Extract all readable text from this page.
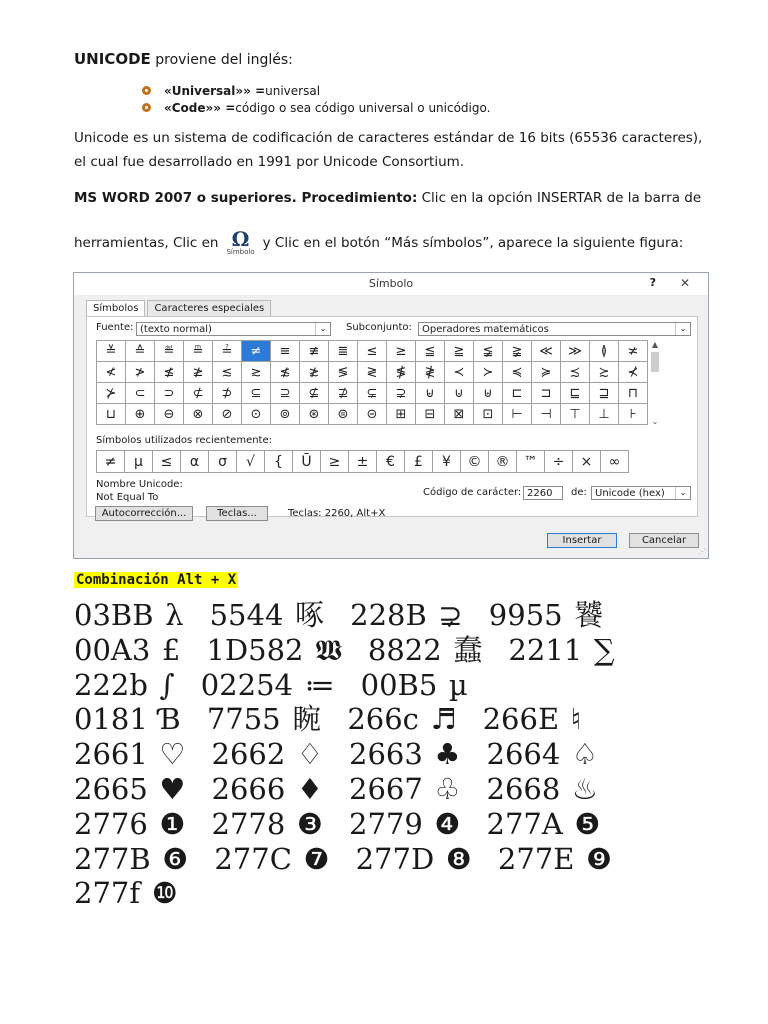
UNICODE proviene del inglés:
«Universal»» = universal
«Code»» = código o sea código universal o unicódigo.
Unicode es un sistema de codificación de caracteres estándar de 16 bits (65536 caracteres), el cual fue desarrollado en 1991 por Unicode Consortium.
MS WORD 2007 o superiores. Procedimiento: Clic en la opción INSERTAR de la barra de
herramientas, Clic en Ω
Símbolo
y Clic en el botón “Más símbolos”, aparece la siguiente figura:
Símbolo	? ✕
Símbolos	Caracteres especiales
Fuente: (texto normal)	⌄	Subconjunto:	Operadores matemáticos	⌄
≚	≙	≝	≞	≟	≠	≡	≢	≣	≤	≥	≦	≧	≨	≩	≪	≫	≬	≭
≮	≯	≰	≱	≲	≳	≴	≵	≶	≷	≸	≹	≺	≻	≼	≽	≾	≿	⊀
⊁	⊂	⊃	⊄	⊅	⊆	⊇	⊈	⊉	⊊	⊋	⊌	⊍	⊎	⊏	⊐	⊑	⊒	⊓
⊔	⊕	⊖	⊗	⊘	⊙	⊚	⊛	⊜	⊝	⊞	⊟	⊠	⊡	⊢	⊣	⊤	⊥	⊦
▲
⌄
Símbolos utilizados recientemente:
≠	µ	≤	α	σ	√	{	Ū	≥	±	€	£	¥	©	®	™	÷	×	∞
Nombre Unicode:
Not Equal To	Código de carácter: 2260	de: Unicode (hex)	⌄
Autocorrección...	Teclas...	Teclas: 2260, Alt+X
Insertar	Cancelar
⋰
Combinación Alt + X
03BB λ 5544 啄 228B ⊋ 9955 饕
00A3 £ 1D582 𝖂 8822 蠢 2211 ∑
222b ∫ 02254 ≔ 00B5 µ
0181 Ɓ 7755 睕 266c ♬ 266E ♮
2661 ♡ 2662 ♢ 2663 ♣ 2664 ♤
2665 ♥ 2666 ♦ 2667 ♧ 2668 ♨
2776 ❶ 2778 ❸ 2779 ❹ 277A ❺
277B ❻ 277C ❼ 277D ❽ 277E ❾
277f ❿
